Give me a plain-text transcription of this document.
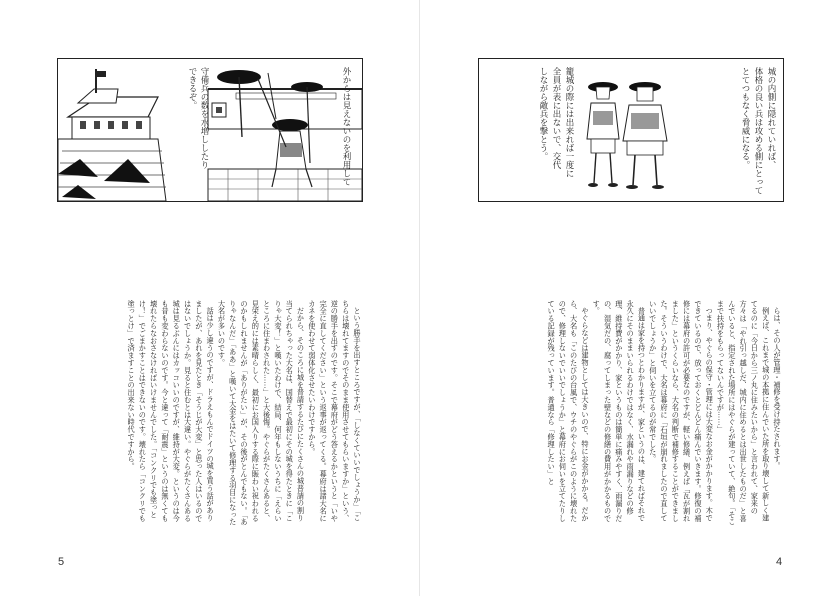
外からは見えないのを利用して
守備兵の数を水増ししたり
できるぞ。

という勝手を出すところですが、「しなくていいでしょうか」「こちらは壊れてますのでそのまま使用させてもらいますか」という、逆の勝手を出すのです。そこで幕府がどう答えるかというと「いや完全に直してください」という返事が返ってくる。幕府は諸大名にカネを使わせて弱体化させたいわけですから。

だから、そのころに城を普請するたびにたくさんの城普請の割り当てられちゃった大名は、国替えで最初にその城を得たときに「こりゃ大変！」と嘆いたわけで、結局、何年もしないうちに「えらいところに住まわされた……」と大後悔。やぐらがたくさんあると、見栄え的には素晴らしく、最初にお国入りする際に賑わい祝われるのかもしれませんが「ありがたい」が、その後がとんでもない。「ありゃなんだ」「ああ」と嘆いて大金をはたいて修理する羽目になった大名が多いのです。

話は少し違うのですが、ドラえもんでドイツの城を買う話がありましたが、あれを見たとき「そうじが大変」と思った人はいるのではないでしょうか。見ると住むとは大違い。やぐらがたくさんある城は見るぶんにはカッコいいのですが、維持が大変。というのは今も昔も変わらないのです。今と違って「耐震」というのは無くても壊れたらなおさなければいけませんでした。「コンクリでも塗っとけ！」でごまかすことはできないのです。壊れたら「コンクリでも塗っとけ」で済ますことの出来ない時代ですから。

5
城の内側に隠れていれば、
体格の良い兵は攻める側にとって
とてつもなく脅威になる。
籠城の際には出来れば一度に
全員が表に出ないで、交代
しながら敵兵を撃とう。

らは、その人が管理・補修を受け持たされます。

例えば、これまで城の本拠に住んでいた所を取り壊して新しく建てるのに「今日から三ノ丸に住みたいから」と言われて、家来の方々は「やれ引っ越しだ、城内に住めるとは出世したものだ」と喜んでいると、指定された場所にはやぐらが建っていて、絶句。「そこまで扶持をもらってないんですが……」

つまり、やぐらの保守・管理には大変なお金がかかります。木でできているので、放っておくとどんどん痛んでいきます。修復の補修には幕府の許可が必要なのですが、軽い修繕、例えば「瓦が割れました」というくらいなら、大名の判断で補修することができました。そういうわけで、大名は幕府に「石垣が崩れましたので直していいでしょうか」と伺いを立てるのが常でした。

普通は家を持つとわかりますが、家というのは、建てればそれで永久にそのままいられるわけではなく、水漏れや雨漏りなどの修理、維持費がかかり、家というものは簡単に痛みやすく、雨漏りだの、湿気だの、腐ってしまった壁などの修繕の費用がかかるものです。

やぐらなどは建物としては大きいので、特にお金がかかる。だから、大名も「このたびの台風で、ウチのやぐらがこのように壊れたので、修理しないでいいでしょうか」と幕府にお伺いを立てたりしている記録が残っています。普通なら「修理したい」と

4
